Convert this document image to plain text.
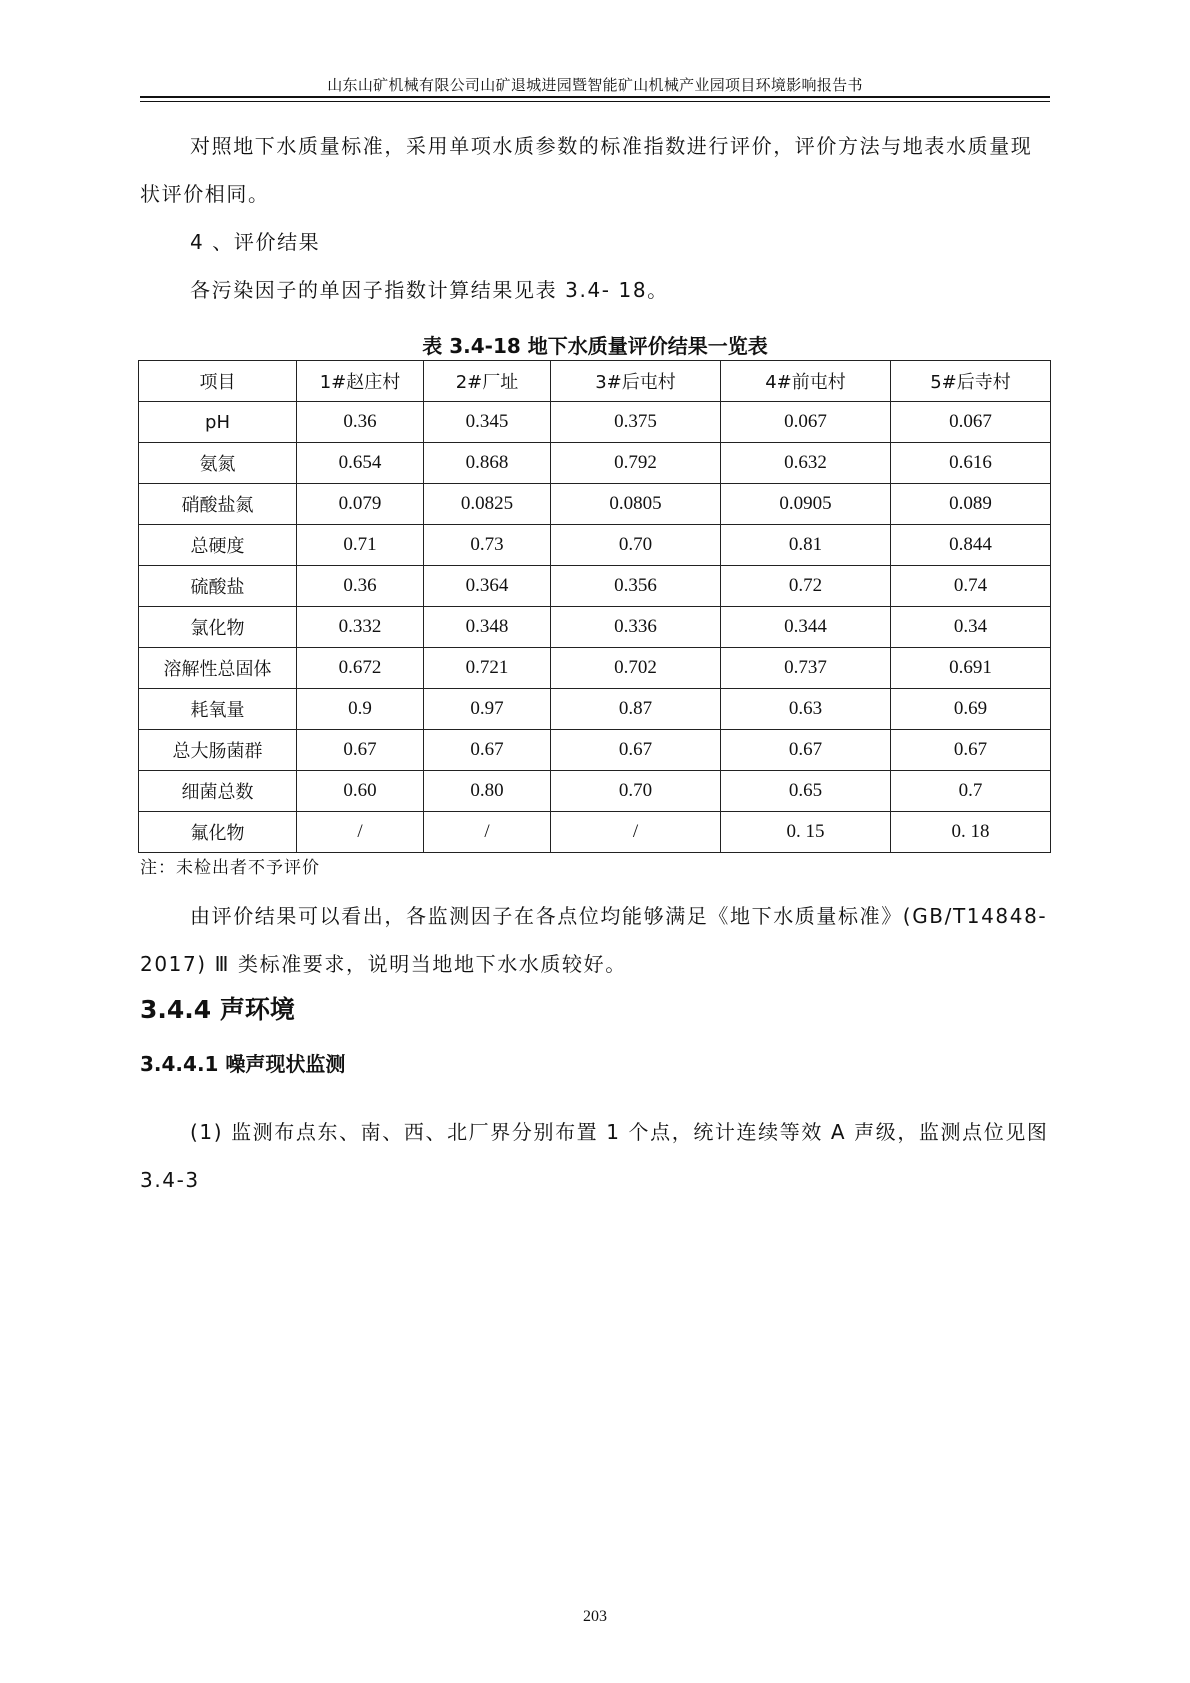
山东山矿机械有限公司山矿退城进园暨智能矿山机械产业园项目环境影响报告书

对照地下水质量标准，采用单项水质参数的标准指数进行评价，评价方法与地表水质量现状评价相同。

4 、评价结果

各污染因子的单因子指数计算结果见表 3.4- 18。

表 3.4-18 地下水质量评价结果一览表
项目	1#赵庄村	2#厂址	3#后屯村	4#前屯村	5#后寺村
pH	0.36	0.345	0.375	0.067	0.067
氨氮	0.654	0.868	0.792	0.632	0.616
硝酸盐氮	0.079	0.0825	0.0805	0.0905	0.089
总硬度	0.71	0.73	0.70	0.81	0.844
硫酸盐	0.36	0.364	0.356	0.72	0.74
氯化物	0.332	0.348	0.336	0.344	0.34
溶解性总固体	0.672	0.721	0.702	0.737	0.691
耗氧量	0.9	0.97	0.87	0.63	0.69
总大肠菌群	0.67	0.67	0.67	0.67	0.67
细菌总数	0.60	0.80	0.70	0.65	0.7
氟化物	/	/	/	0. 15	0. 18
注：未检出者不予评价

由评价结果可以看出，各监测因子在各点位均能够满足《地下水质量标准》(GB/T14848-2017) Ⅲ 类标准要求，说明当地地下水水质较好。

3.4.4 声环境
3.4.4.1 噪声现状监测

(1) 监测布点东、南、西、北厂界分别布置 1 个点，统计连续等效 A 声级，监测点位见图 3.4-3

203
